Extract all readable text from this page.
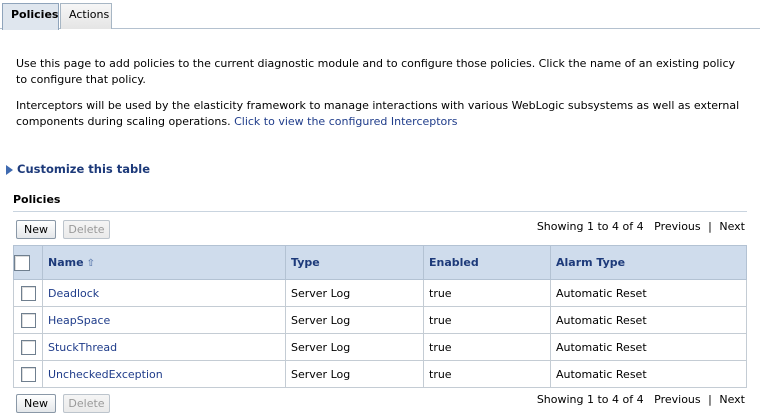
Policies Actions
Use this page to add policies to the current diagnostic module and to configure those policies. Click the name of an existing policy to configure that policy.
Interceptors will be used by the elasticity framework to manage interactions with various WebLogic subsystems as well as external components during scaling operations. Click to view the configured Interceptors
Customize this table
Policies
New	Delete	Showing 1 to 4 of 4 Previous | Next
	Name ⇧	Type	Enabled	Alarm Type
	Deadlock	Server Log	true	Automatic Reset
	HeapSpace	Server Log	true	Automatic Reset
	StuckThread	Server Log	true	Automatic Reset
	UncheckedException	Server Log	true	Automatic Reset
New	Delete	Showing 1 to 4 of 4 Previous | Next
